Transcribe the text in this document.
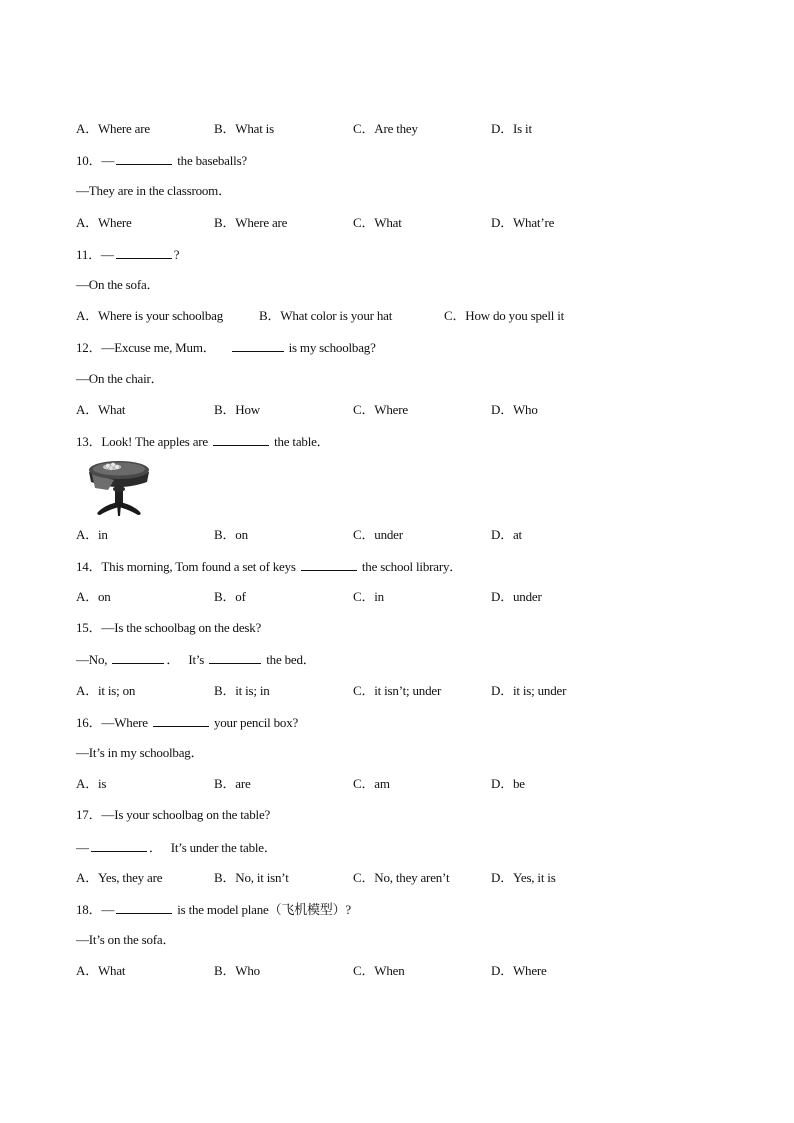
A．Where are	B．What is	C．Are they	D．Is it
10．—	the baseballs?
—They are in the classroom．
A．Where	B．Where are	C．What	D．What’re
11．—	?
—On the sofa．
A．Where is your schoolbag	B．What color is your hat	C．How do you spell it
12．—Excuse me, Mum．	is my schoolbag?
—On the chair．
A．What	B．How	C．Where	D．Who
13．Look! The apples are	the table．
A．in	B．on	C．under	D．at
14．This morning, Tom found a set of keys	the school library．
A．on	B．of	C．in	D．under
15．—Is the schoolbag on the desk?
—No,	．   It’s	the bed．
A．it is; on	B．it is; in	C．it isn’t; under	D．it is; under
16．—Where	your pencil box?
—It’s in my schoolbag．
A．is	B．are	C．am	D．be
17．—Is your schoolbag on the table?
—	．   It’s under the table．
A．Yes, they are	B．No, it isn’t	C．No, they aren’t	D．Yes, it is
18．—	is the model plane（飞机模型）?
—It’s on the sofa．
A．What	B．Who	C．When	D．Where
